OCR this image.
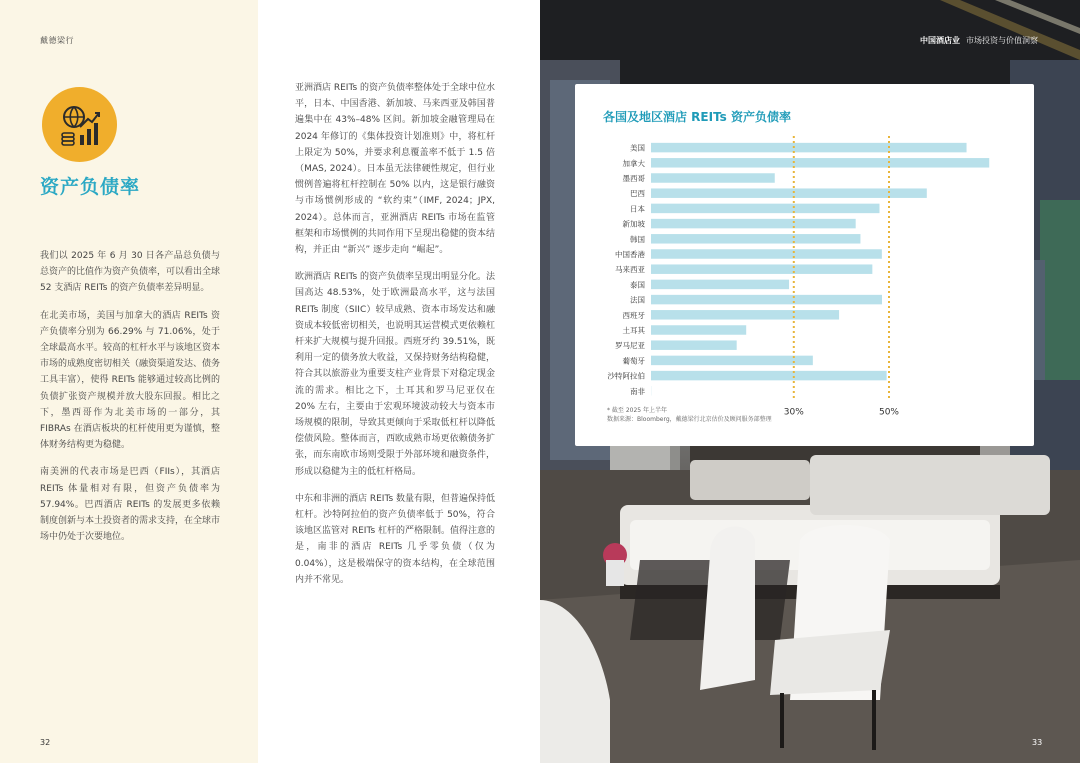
戴德梁行
资产负债率

我们以 2025 年 6 月 30 日各产品总负债与总资产的比值作为资产负债率，可以看出全球 52 支酒店 REITs 的资产负债率差异明显。

在北美市场，美国与加拿大的酒店 REITs 资产负债率分别为 66.29% 与 71.06%，处于全球最高水平。较高的杠杆水平与该地区资本市场的成熟度密切相关（融资渠道发达、债务工具丰富），使得 REITs 能够通过较高比例的负债扩张资产规模并放大股东回报。相比之下，墨西哥作为北美市场的一部分，其 FIBRAs 在酒店板块的杠杆使用更为谨慎，整体财务结构更为稳健。

南美洲的代表市场是巴西（FIIs），其酒店 REITs 体量相对有限，但资产负债率为 57.94%。巴西酒店 REITs 的发展更多依赖制度创新与本土投资者的需求支持，在全球市场中仍处于次要地位。

32

亚洲酒店 REITs 的资产负债率整体处于全球中位水平，日本、中国香港、新加坡、马来西亚及韩国普遍集中在 43%–48% 区间。新加坡金融管理局在 2024 年修订的《集体投资计划准则》中，将杠杆上限定为 50%，并要求利息覆盖率不低于 1.5 倍（MAS, 2024）。日本虽无法律硬性规定，但行业惯例普遍将杠杆控制在 50% 以内，这是银行融资与市场惯例形成的 “软约束”（IMF, 2024；JPX, 2024）。总体而言，亚洲酒店 REITs 市场在监管框架和市场惯例的共同作用下呈现出稳健的资本结构，并正由 “新兴” 逐步走向 “崛起”。

欧洲酒店 REITs 的资产负债率呈现出明显分化。法国高达 48.53%，处于欧洲最高水平，这与法国 REITs 制度（SIIC）较早成熟、资本市场发达和融资成本较低密切相关，也说明其运营模式更依赖杠杆来扩大规模与提升回报。西班牙约 39.51%，既利用一定的债务放大收益，又保持财务结构稳健，符合其以旅游业为重要支柱产业背景下对稳定现金流的需求。相比之下，土耳其和罗马尼亚仅在 20% 左右，主要由于宏观环境波动较大与资本市场规模的限制，导致其更倾向于采取低杠杆以降低偿债风险。整体而言，西欧成熟市场更依赖债务扩张，而东南欧市场则受限于外部环境和融资条件，形成以稳健为主的低杠杆格局。

中东和非洲的酒店 REITs 数量有限，但普遍保持低杠杆。沙特阿拉伯的资产负债率低于 50%，符合该地区监管对 REITs 杠杆的严格限制。值得注意的是，南非的酒店 REITs 几乎零负债（仅为 0.04%），这是极端保守的资本结构，在全球范围内并不常见。

中国酒店业 市场投资与价值洞察
各国及地区酒店 REITs 资产负债率
美国
加拿大
墨西哥
巴西
日本
新加坡
韩国
中国香港
马来西亚
泰国
法国
西班牙
土耳其
罗马尼亚
葡萄牙
沙特阿拉伯
南非
30%	50%
* 截至 2025 年上半年
数据来源：Bloomberg，戴德梁行北京估价及顾问服务部整理
33
